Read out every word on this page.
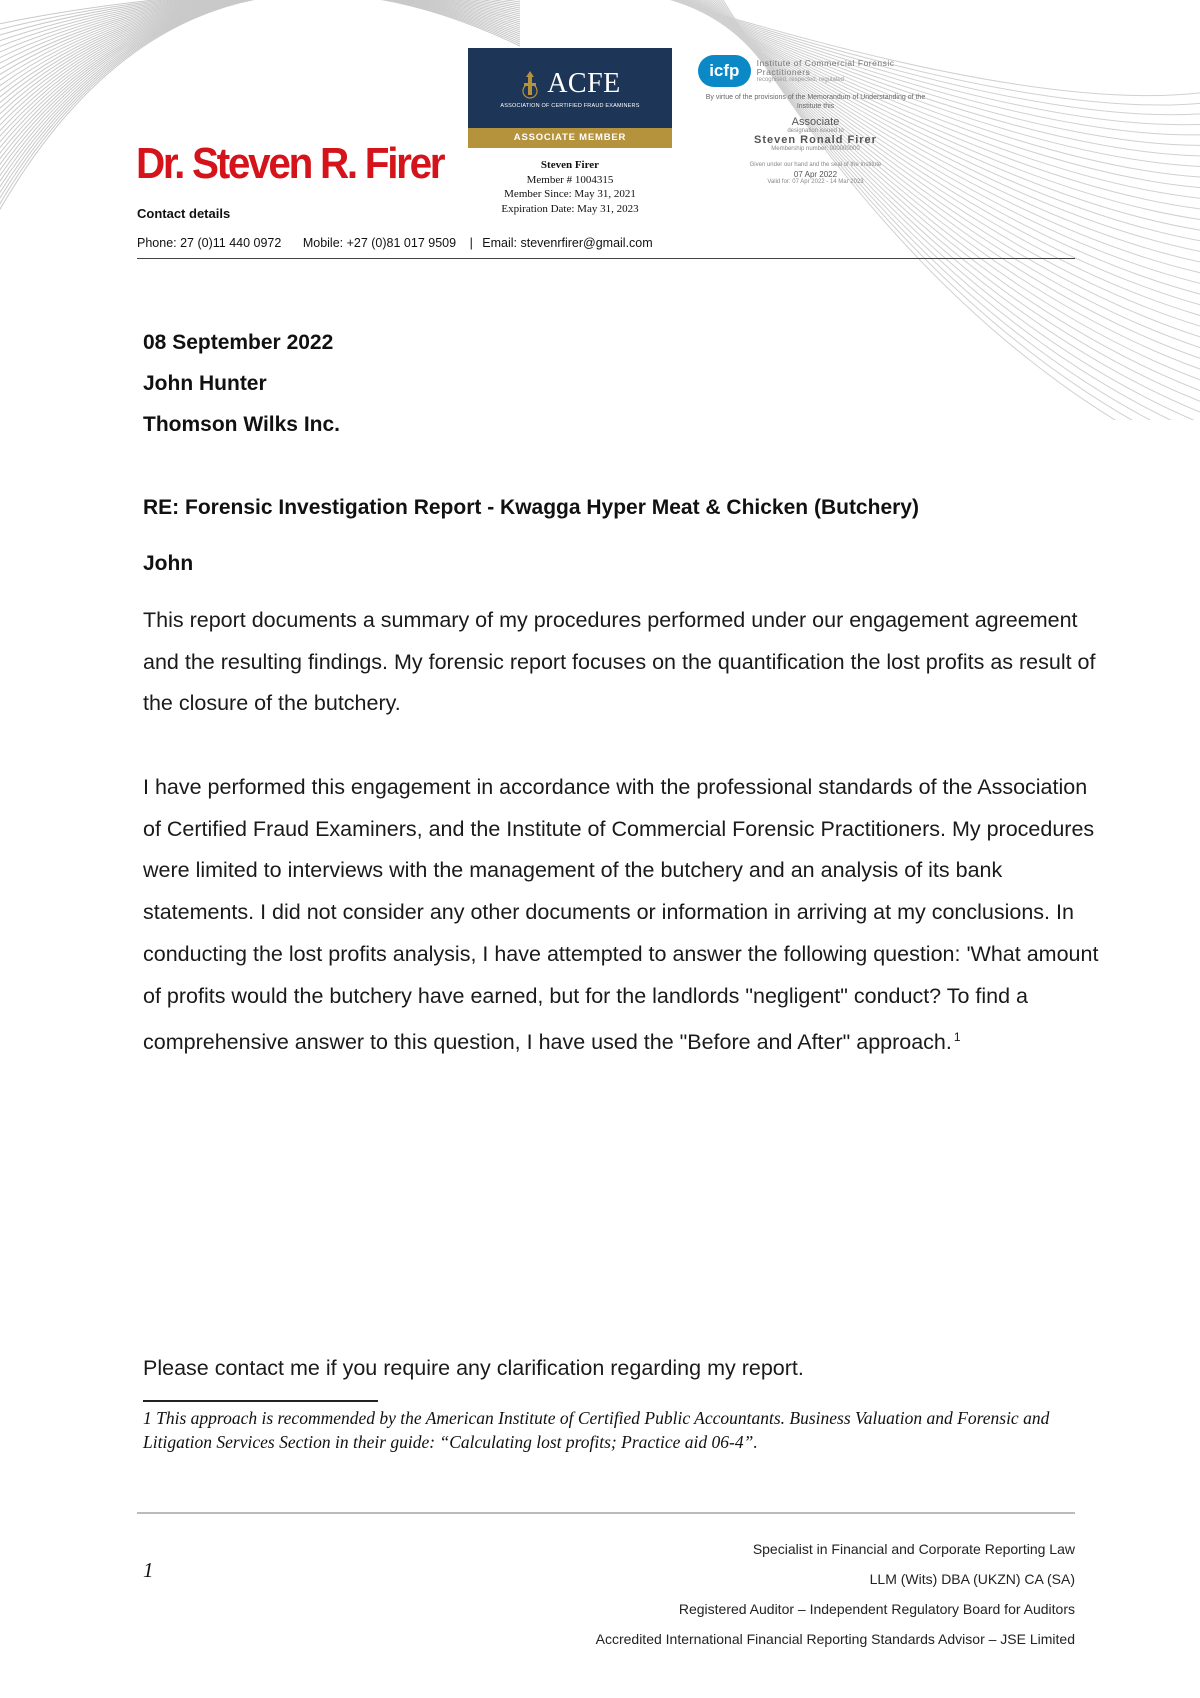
Dr. Steven R. Firer
ACFE
ASSOCIATION OF CERTIFIED FRAUD EXAMINERS
ASSOCIATE MEMBER
Steven Firer
Member # 1004315
Member Since: May 31, 2021
Expiration Date: May 31, 2023
icfp	Institute of Commercial Forensic Practitioners
recognised, respected, regulated
By virtue of the provisions of the Memorandum of Understanding of the Institute this
Associate
designation issued to
Steven Ronald Firer
Membership number: 000000000
Given under our hand and the seal of the Institute
07 Apr 2022
Valid for: 07 Apr 2022 - 14 Mar 2023
Contact details
Phone: 27 (0)11 440 0972 Mobile: +27 (0)81 017 9509 | Email: stevenrfirer@gmail.com
08 September 2022
John Hunter
Thomson Wilks Inc.
RE: Forensic Investigation Report - Kwagga Hyper Meat & Chicken (Butchery)
John
This report documents a summary of my procedures performed under our engagement agreement and the resulting findings. My forensic report focuses on the quantification the lost profits as result of the closure of the butchery.
I have performed this engagement in accordance with the professional standards of the Association of Certified Fraud Examiners, and the Institute of Commercial Forensic Practitioners. My procedures were limited to interviews with the management of the butchery and an analysis of its bank statements. I did not consider any other documents or information in arriving at my conclusions. In conducting the lost profits analysis, I have attempted to answer the following question: 'What amount of profits would the butchery have earned, but for the landlords "negligent" conduct? To find a comprehensive answer to this question, I have used the "Before and After" approach. $^1$
Please contact me if you require any clarification regarding my report.
1 This approach is recommended by the American Institute of Certified Public Accountants. Business Valuation and Forensic and Litigation Services Section in their guide: “Calculating lost profits; Practice aid 06-4”.
1
Specialist in Financial and Corporate Reporting Law
LLM (Wits) DBA (UKZN) CA (SA)
Registered Auditor – Independent Regulatory Board for Auditors
Accredited International Financial Reporting Standards Advisor – JSE Limited
